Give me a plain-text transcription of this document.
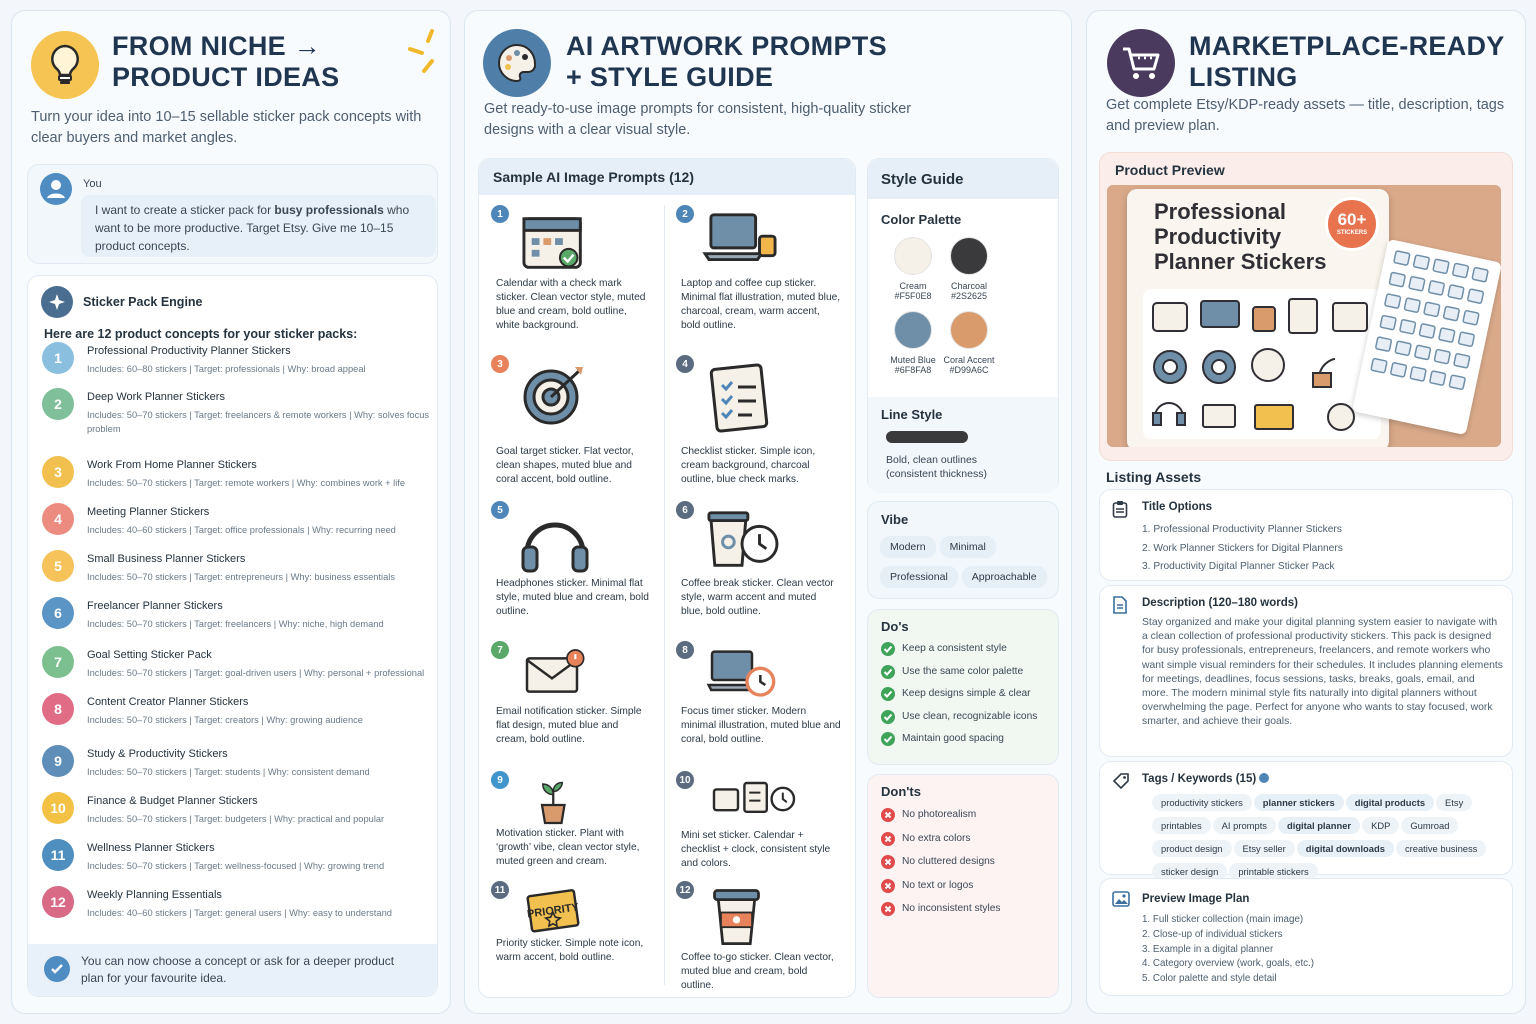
FROM NICHE →
PRODUCT IDEAS
Turn your idea into 10–15 sellable sticker pack concepts with clear buyers and market angles.
You
I want to create a sticker pack for busy professionals who want to be more productive. Target Etsy. Give me 10–15 product concepts.
Sticker Pack Engine
Here are 12 product concepts for your sticker packs:
1	Professional Productivity Planner Stickers
Includes: 60–80 stickers | Target: professionals | Why: broad appeal
2	Deep Work Planner Stickers
Includes: 50–70 stickers | Target: freelancers & remote workers | Why: solves focus problem
3	Work From Home Planner Stickers
Includes: 50–70 stickers | Target: remote workers | Why: combines work + life
4	Meeting Planner Stickers
Includes: 40–60 stickers | Target: office professionals | Why: recurring need
5	Small Business Planner Stickers
Includes: 50–70 stickers | Target: entrepreneurs | Why: business essentials
6	Freelancer Planner Stickers
Includes: 50–70 stickers | Target: freelancers | Why: niche, high demand
7	Goal Setting Sticker Pack
Includes: 50–70 stickers | Target: goal-driven users | Why: personal + professional
8	Content Creator Planner Stickers
Includes: 50–70 stickers | Target: creators | Why: growing audience
9	Study & Productivity Stickers
Includes: 50–70 stickers | Target: students | Why: consistent demand
10	Finance & Budget Planner Stickers
Includes: 50–70 stickers | Target: budgeters | Why: practical and popular
11	Wellness Planner Stickers
Includes: 50–70 stickers | Target: wellness-focused | Why: growing trend
12	Weekly Planning Essentials
Includes: 40–60 stickers | Target: general users | Why: easy to understand
You can now choose a concept or ask for a deeper product plan for your favourite idea.
AI ARTWORK PROMPTS
+ STYLE GUIDE
Get ready-to-use image prompts for consistent, high-quality sticker designs with a clear visual style.
Sample AI Image Prompts (12)
1
Calendar with a check mark sticker. Clean vector style, muted blue and cream, bold outline, white background.
2
Laptop and coffee cup sticker. Minimal flat illustration, muted blue, charcoal, cream, warm accent, bold outline.
3
Goal target sticker. Flat vector, clean shapes, muted blue and coral accent, bold outline.
4
Checklist sticker. Simple icon, cream background, charcoal outline, blue check marks.
5
Headphones sticker. Minimal flat style, muted blue and cream, bold outline.
6
Coffee break sticker. Clean vector style, warm accent and muted blue, bold outline.
7
Email notification sticker. Simple flat design, muted blue and cream, bold outline.
8
Focus timer sticker. Modern minimal illustration, muted blue and coral, bold outline.
9
Motivation sticker. Plant with ‘growth’ vibe, clean vector style, muted green and cream.
10
Mini set sticker. Calendar + checklist + clock, consistent style and colors.
11
PRIORITY
Priority sticker. Simple note icon, warm accent, bold outline.
12
Coffee to-go sticker. Clean vector, muted blue and cream, bold outline.
Style Guide
Color Palette
Cream
#F5F0E8
Charcoal
#2S2625
Muted Blue
#6F8FA8
Coral Accent
#D99A6C
Line Style
Bold, clean outlines (consistent thickness)
Vibe
Modern MinimalProfessional Approachable
Do's
Keep a consistent style
Use the same color palette
Keep designs simple & clear
Use clean, recognizable icons
Maintain good spacing
Don'ts
No photorealism
No extra colors
No cluttered designs
No text or logos
No inconsistent styles
MARKETPLACE-READY
LISTING
Get complete Etsy/KDP-ready assets — title, description, tags and preview plan.
Product Preview
Professional
Productivity
Planner Stickers
60+
STICKERS
Listing Assets
Title Options
1. Professional Productivity Planner Stickers
2. Work Planner Stickers for Digital Planners
3. Productivity Digital Planner Sticker Pack
Description (120–180 words)
Stay organized and make your digital planning system easier to navigate with a clean collection of professional productivity stickers. This pack is designed for busy professionals, entrepreneurs, freelancers, and remote workers who want simple visual reminders for their schedules. It includes planning elements for meetings, deadlines, focus sessions, tasks, breaks, goals, email, and more. The modern minimal style fits naturally into digital planners without overwhelming the page. Perfect for anyone who wants to stay focused, work smarter, and achieve their goals.
Tags / Keywords (15)
productivity stickers planner stickers digital products Etsyprintables AI prompts digital planner KDP Gumroadproduct design Etsy seller digital downloads creative businesssticker design printable stickers
Preview Image Plan
1. Full sticker collection (main image)
2. Close-up of individual stickers
3. Example in a digital planner
4. Category overview (work, goals, etc.)
5. Color palette and style detail
